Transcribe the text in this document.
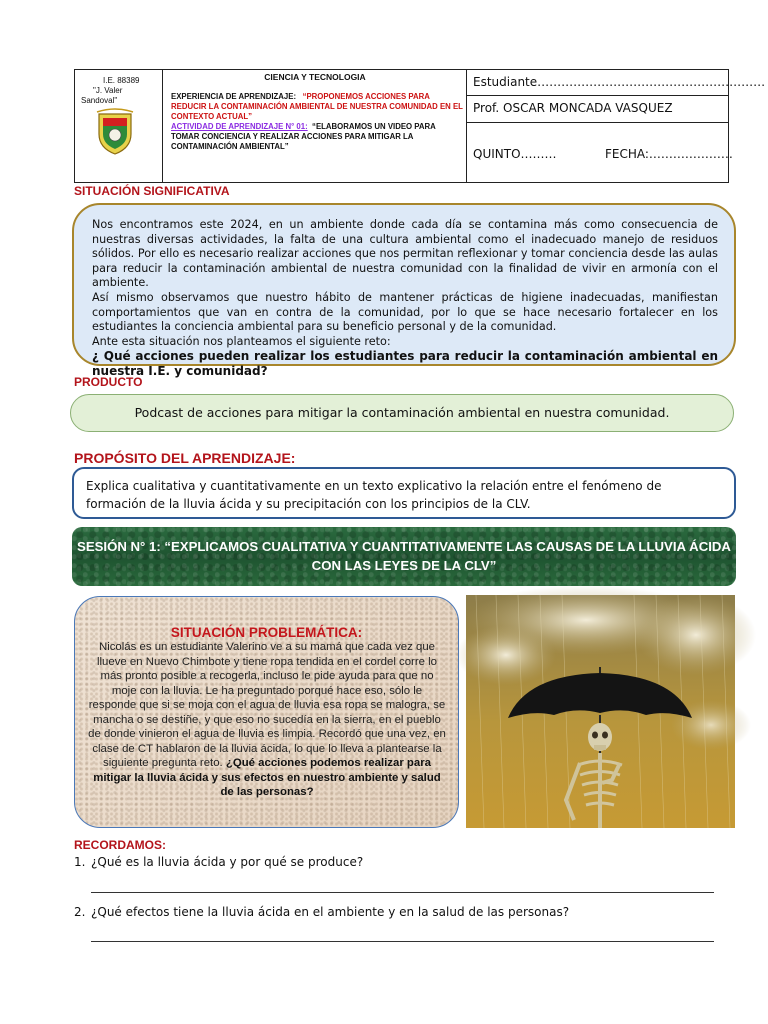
I.E. 88389
"J. Valer
Sandoval"
CIENCIA Y TECNOLOGIA
EXPERIENCIA DE APRENDIZAJE: “PROPONEMOS ACCIONES PARA REDUCIR LA CONTAMINACIÓN AMBIENTAL DE NUESTRA COMUNIDAD EN EL CONTEXTO ACTUAL”
ACTIVIDAD DE APRENDIZAJE N° 01: “ELABORAMOS UN VIDEO PARA TOMAR CONCIENCIA Y REALIZAR ACCIONES PARA MITIGAR LA CONTAMINACIÓN AMBIENTAL”
Estudiante…………………………………………………
Prof. OSCAR MONCADA VASQUEZ
QUINTO………	FECHA:…………………
SITUACIÓN SIGNIFICATIVA

Nos encontramos este 2024, en un ambiente donde cada día se contamina más como consecuencia de nuestras diversas actividades, la falta de una cultura ambiental como el inadecuado manejo de residuos sólidos. Por ello es necesario realizar acciones que nos permitan reflexionar y tomar conciencia desde las aulas para reducir la contaminación ambiental de nuestra comunidad con la finalidad de vivir en armonía con el ambiente.

Así mismo observamos que nuestro hábito de mantener prácticas de higiene inadecuadas, manifiestan comportamientos que van en contra de la comunidad, por lo que se hace necesario fortalecer en los estudiantes la conciencia ambiental para su beneficio personal y de la comunidad.

Ante esta situación nos planteamos el siguiente reto:

¿ Qué acciones pueden realizar los estudiantes para reducir la contaminación ambiental en nuestra I.E. y comunidad?

PRODUCTO
Podcast de acciones para mitigar la contaminación ambiental en nuestra comunidad.
PROPÓSITO DEL APRENDIZAJE:
Explica cualitativa y cuantitativamente en un texto explicativo la relación entre el fenómeno de formación de la lluvia ácida y su precipitación con los principios de la CLV.
SESIÓN N° 1: “EXPLICAMOS CUALITATIVA Y CUANTITATIVAMENTE LAS CAUSAS DE LA LLUVIA ÁCIDA CON LAS LEYES DE LA CLV”
SITUACIÓN PROBLEMÁTICA:
Nicolás es un estudiante Valerino ve a su mamá que cada vez que llueve en Nuevo Chimbote y tiene ropa tendida en el cordel corre lo más pronto posible a recogerla, incluso le pide ayuda para que no moje con la lluvia. Le ha preguntado porqué hace eso, sólo le responde que si se moja con el agua de lluvia esa ropa se malogra, se mancha o se destiñe, y que eso no sucedía en la sierra, en el pueblo de donde vinieron el agua de lluvia es limpia. Recordó que una vez, en clase de CT hablaron de la lluvia ácida, lo que lo lleva a plantearse la siguiente pregunta reto. ¿Qué acciones podemos realizar para mitigar la lluvia ácida y sus efectos en nuestro ambiente y salud de las personas?
RECORDAMOS:
1. ¿Qué es la lluvia ácida y por qué se produce?
2. ¿Qué efectos tiene la lluvia ácida en el ambiente y en la salud de las personas?
